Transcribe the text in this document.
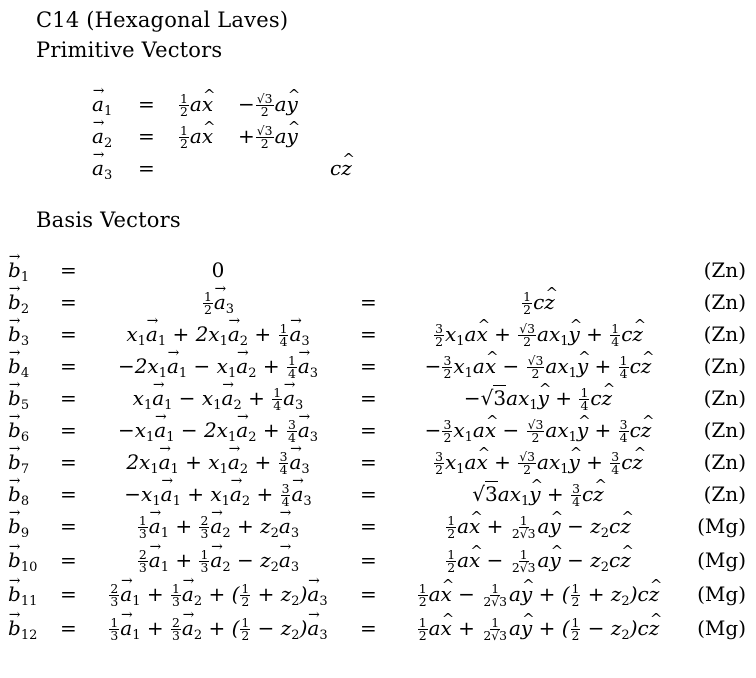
C14 (Hexagonal Laves)
Primitive Vectors
→ $a_1 = \frac{1}{2}$ a^ $x - \frac{√3}{2}$ a^ y
→ $a_2 = \frac{1}{2}$ a^ $x + \frac{√3}{2}$ a^ y
→ $a_3$ =	c^ z
Basis Vectors
→ $b_1$	=	0	(Zn)
→ $b_2$	=	$\frac{1}{2}$
→ $a_3$	=	$\frac{1}{2}$ c^ z	(Zn)
→ $b_3$	=	$x_1\to a_1 + 2x_1\to a_2 + \frac{1}{4}$
→ $a_3$	=	$\frac{3}{2}$ $x_1a\^{}$ $x + \frac{√3}{2}$ $ax_1\^{}$ $y + \frac{1}{4}$ c^ z	(Zn)
→ $b_4$	=	$-2x_1\to a_1 - x_1\to a_2 + \frac{1}{4}$
→ $a_3$	=	− $\frac{3}{2}$ $x_1a\^{}$ $x - \frac{√3}{2}$ $ax_1\^{}$ $y + \frac{1}{4}$ c^ z	(Zn)
→ $b_5$	=	$x_1\to a_1 - x_1\to a_2 + \frac{1}{4}$
→ $a_3$	=	$-√3ax_1\^{}$ $y + \frac{1}{4}$ c^ z	(Zn)
→ $b_6$	=	$-x_1\to a_1 - 2x_1\to a_2 + \frac{3}{4}$
→ $a_3$	=	− $\frac{3}{2}$ $x_1a\^{}$ $x - \frac{√3}{2}$ $ax_1\^{}$ $y + \frac{3}{4}$ c^ z	(Zn)
→ $b_7$	=	$2x_1\to a_1 + x_1\to a_2 + \frac{3}{4}$
→ $a_3$	=	$\frac{3}{2}$ $x_1a\^{}$ $x + \frac{√3}{2}$ $ax_1\^{}$ $y + \frac{3}{4}$ c^ z	(Zn)
→ $b_8$	=	$-x_1\to a_1 + x_1\to a_2 + \frac{3}{4}$
→ $a_3$	=	$√3ax_1\^{}$ $y + \frac{3}{4}$ c^ z	(Zn)
→ $b_9$	=	$\frac{1}{3}$
→ $a_1 + \frac{2}{3}$
→ $a_2 + z_2\to a_3$	=	$\frac{1}{2}$ a^ $x + \frac{1}{2√3}$ a^ $y - z_2c\^{}$ z	(Mg)
→ $b_{10}$	=	$\frac{2}{3}$
→ $a_1 + \frac{1}{3}$
→ $a_2 - z_2\to a_3$	=	$\frac{1}{2}$ a^ $x - \frac{1}{2√3}$ a^ $y - z_2c\^{}$ z	(Mg)
→ $b_{11}$	=	$\frac{2}{3}$
→ $a_1 + \frac{1}{3}$
→ $a_2$ + ( $\frac{1}{2} + z_2)\to a_3$	=	$\frac{1}{2}$ a^ $x - \frac{1}{2√3}$ a^ y + ( $\frac{1}{2}$ + $z_2)c\^{}$ z	(Mg)
→ $b_{12}$	=	$\frac{1}{3}$
→ $a_1 + \frac{2}{3}$
→ $a_2$ + ( $\frac{1}{2} - z_2)\to a_3$	=	$\frac{1}{2}$ a^ $x + \frac{1}{2√3}$ a^ y + ( $\frac{1}{2}$ − $z_2)c\^{}$ z	(Mg)
